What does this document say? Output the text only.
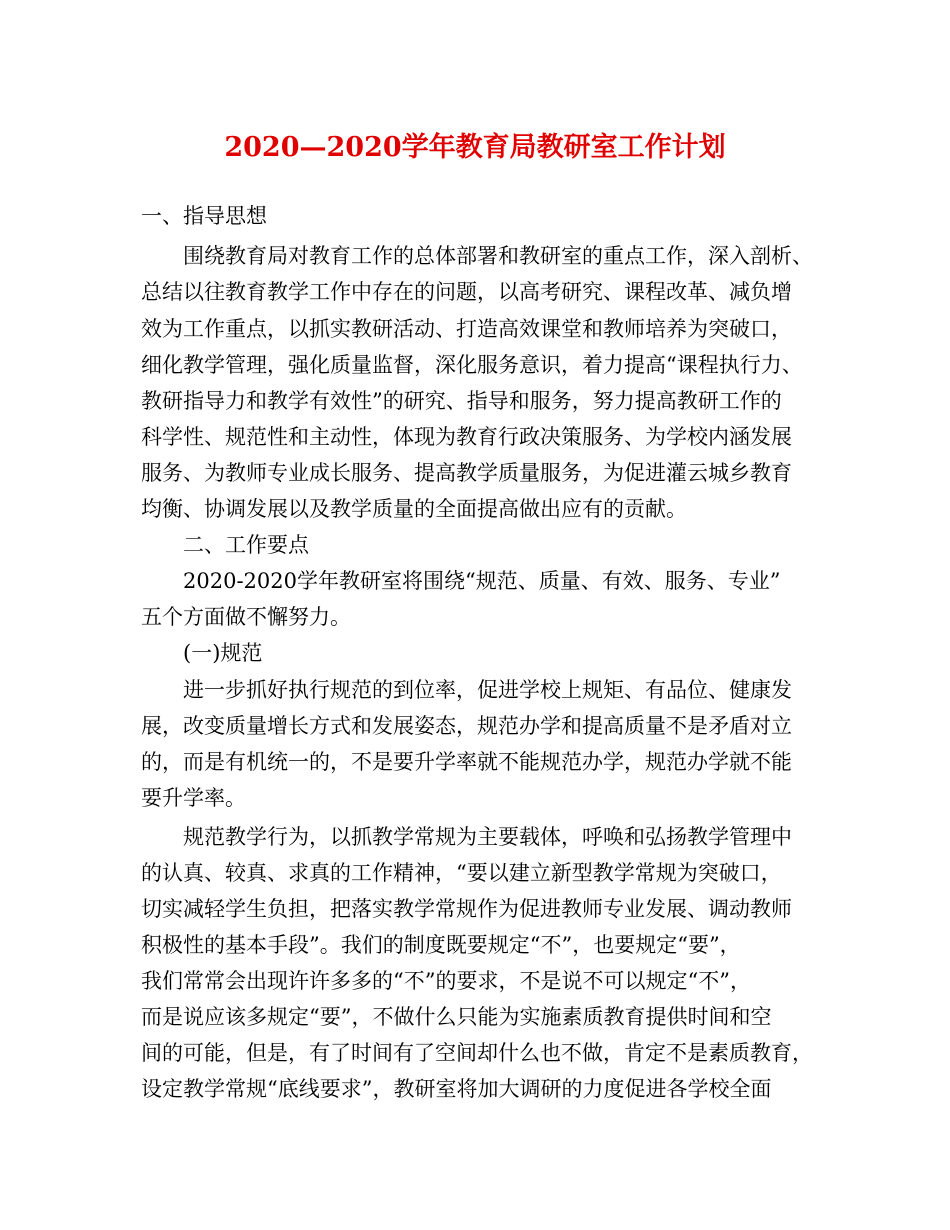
2020—2020学年教育局教研室工作计划
一、指导思想
围绕教育局对教育工作的总体部署和教研室的重点工作，深入剖析、
总结以往教育教学工作中存在的问题，以高考研究、课程改革、减负增
效为工作重点，以抓实教研活动、打造高效课堂和教师培养为突破口，
细化教学管理，强化质量监督，深化服务意识，着力提高“课程执行力、
教研指导力和教学有效性”的研究、指导和服务，努力提高教研工作的
科学性、规范性和主动性，体现为教育行政决策服务、为学校内涵发展
服务、为教师专业成长服务、提高教学质量服务，为促进灌云城乡教育
均衡、协调发展以及教学质量的全面提高做出应有的贡献。
二、工作要点
2020-2020学年教研室将围绕“规范、质量、有效、服务、专业”
五个方面做不懈努力。
(一)规范
进一步抓好执行规范的到位率，促进学校上规矩、有品位、健康发
展，改变质量增长方式和发展姿态，规范办学和提高质量不是矛盾对立
的，而是有机统一的，不是要升学率就不能规范办学，规范办学就不能
要升学率。
规范教学行为，以抓教学常规为主要载体，呼唤和弘扬教学管理中
的认真、较真、求真的工作精神，“要以建立新型教学常规为突破口，
切实减轻学生负担，把落实教学常规作为促进教师专业发展、调动教师
积极性的基本手段”。我们的制度既要规定“不”，也要规定“要”，
我们常常会出现许许多多的“不”的要求，不是说不可以规定“不”，
而是说应该多规定“要”，不做什么只能为实施素质教育提供时间和空
间的可能，但是，有了时间有了空间却什么也不做，肯定不是素质教育，
设定教学常规“底线要求”，教研室将加大调研的力度促进各学校全面
